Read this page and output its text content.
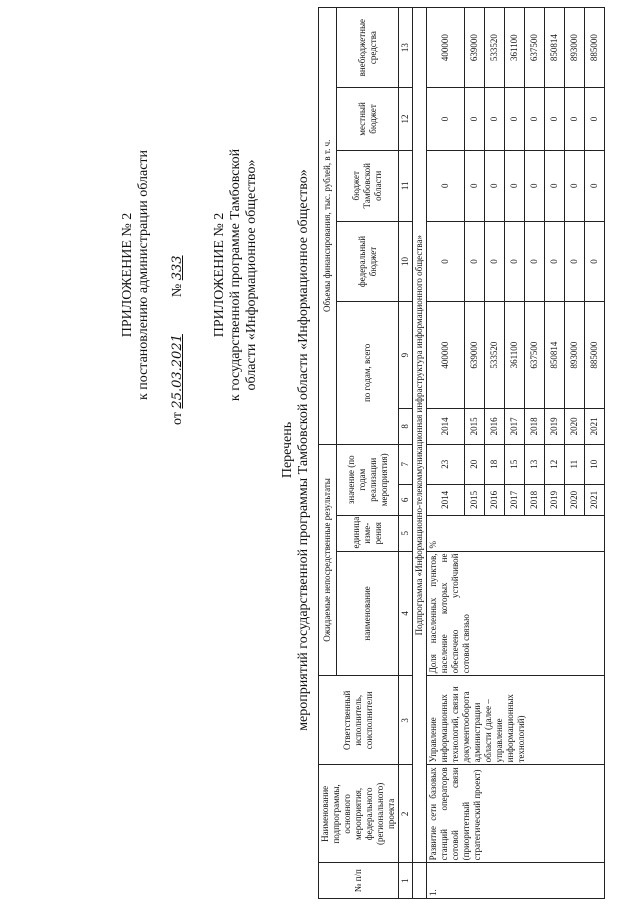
ПРИЛОЖЕНИЕ № 2 к постановлению администрации области
от 25.03.2021  № 333 ПРИЛОЖЕНИЕ № 2 к государственной программе Тамбовской области «Информационное общество»
Перечень мероприятий государственной программы Тамбовской области «Информационное общество»
№ п/п	Наименование подпрограммы, основного мероприятия, федерального (регионального) проекта	Ответственный исполнитель, соисполнители	Ожидаемые непосредственные результаты				Объемы финансирования, тыс. рублей, в т. ч.					
			наименование	единица изме-рения	значение (по годам реализации мероприятия)		по годам, всего		федеральный бюджет	бюджет Тамбовской области	местный бюджет	внебюджетные средства
1	2	3	4	5	6	7	8	9	10	11	12	13
	Подпрограмма «Информационно-телекоммуникационная инфраструктура информационного общества»											
1.	Развитие сети базовых станций операторов сотовой связи (приоритетный стратегический проект)	Управление информационных технологий, связи и документооборота администрации области (далее – управление информационных технологий)	Доля населенных пунктов, население которых не обеспечено устойчивой сотовой связью	%	2014	23	2014	400000	0	0	0	400000
					2015	20	2015	639000	0	0	0	639000
					2016	18	2016	533520	0	0	0	533520
					2017	15	2017	361100	0	0	0	361100
					2018	13	2018	637500	0	0	0	637500
					2019	12	2019	850814	0	0	0	850814
					2020	11	2020	893000	0	0	0	893000
					2021	10	2021	885000	0	0	0	885000
